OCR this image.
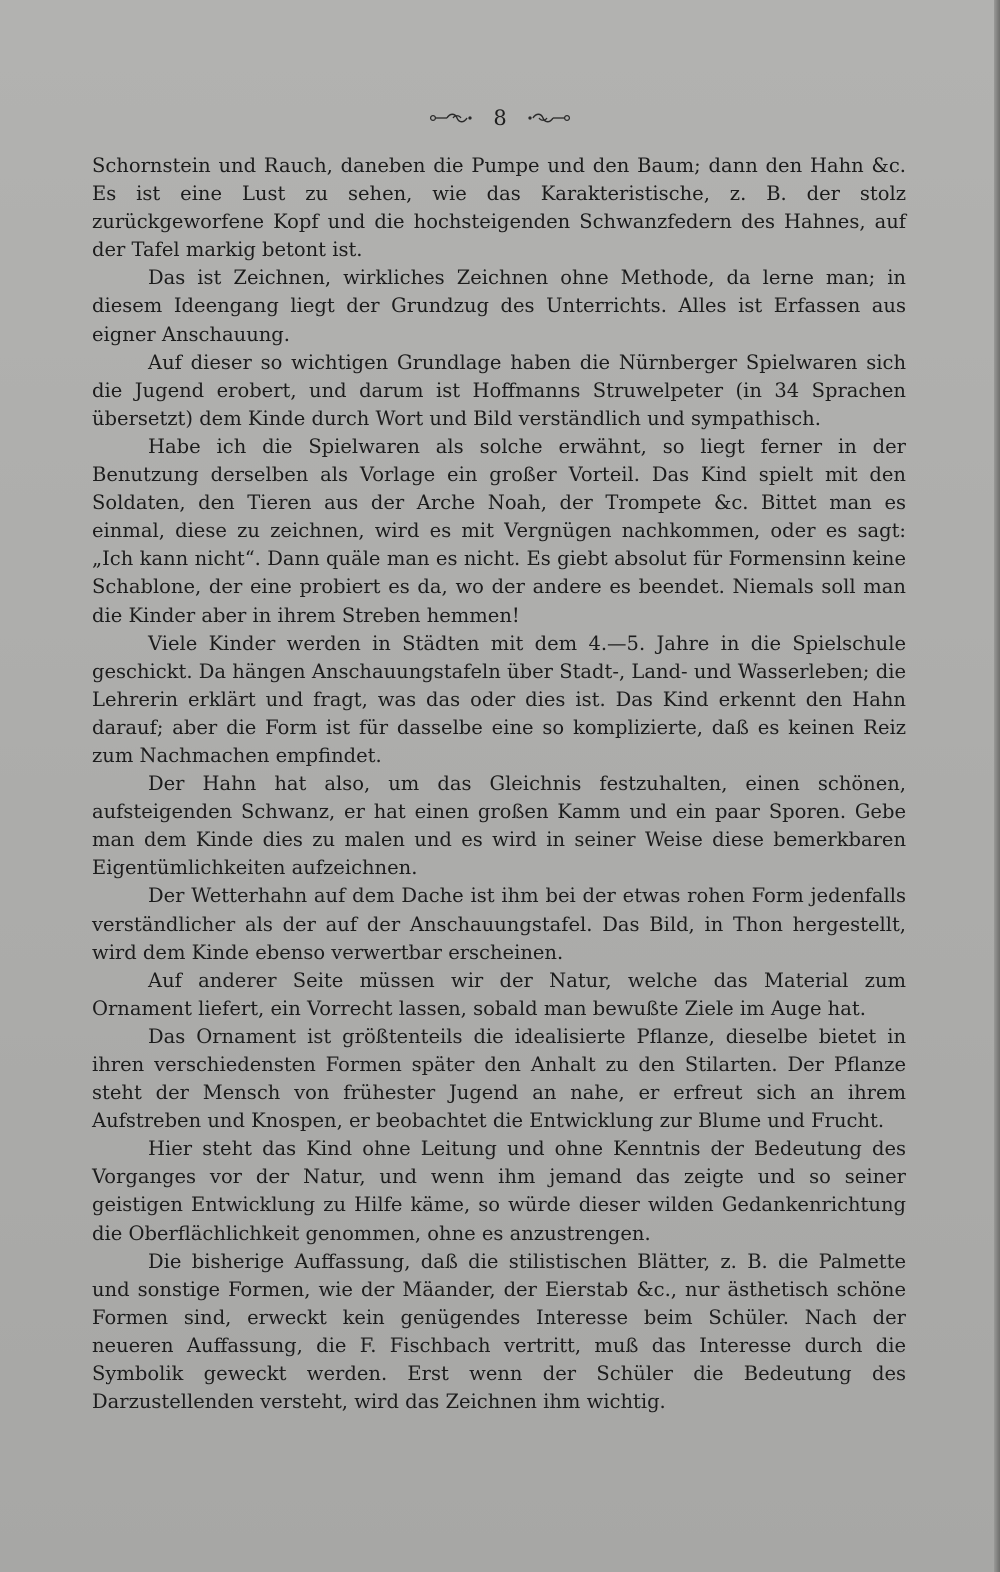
8

Schornstein und Rauch, daneben die Pumpe und den Baum; dann den Hahn &c. Es ist eine Lust zu sehen, wie das Karakteristische, z. B. der stolz zurückgeworfene Kopf und die hochsteigenden Schwanzfedern des Hahnes, auf der Tafel markig betont ist.

Das ist Zeichnen, wirkliches Zeichnen ohne Methode, da lerne man; in diesem Ideengang liegt der Grundzug des Unterrichts. Alles ist Erfassen aus eigner Anschauung.

Auf dieser so wichtigen Grundlage haben die Nürnberger Spielwaren sich die Jugend erobert, und darum ist Hoffmanns Struwelpeter (in 34 Sprachen übersetzt) dem Kinde durch Wort und Bild verständlich und sympathisch.

Habe ich die Spielwaren als solche erwähnt, so liegt ferner in der Benutzung derselben als Vorlage ein großer Vorteil. Das Kind spielt mit den Soldaten, den Tieren aus der Arche Noah, der Trompete &c. Bittet man es einmal, diese zu zeichnen, wird es mit Vergnügen nachkommen, oder es sagt: „Ich kann nicht“. Dann quäle man es nicht. Es giebt absolut für Formensinn keine Schablone, der eine probiert es da, wo der andere es beendet. Niemals soll man die Kinder aber in ihrem Streben hemmen!

Viele Kinder werden in Städten mit dem 4.—5. Jahre in die Spielschule geschickt. Da hängen Anschauungstafeln über Stadt-, Land- und Wasserleben; die Lehrerin erklärt und fragt, was das oder dies ist. Das Kind erkennt den Hahn darauf; aber die Form ist für dasselbe eine so komplizierte, daß es keinen Reiz zum Nachmachen empfindet.

Der Hahn hat also, um das Gleichnis festzuhalten, einen schönen, aufsteigenden Schwanz, er hat einen großen Kamm und ein paar Sporen. Gebe man dem Kinde dies zu malen und es wird in seiner Weise diese bemerkbaren Eigentümlichkeiten aufzeichnen.

Der Wetterhahn auf dem Dache ist ihm bei der etwas rohen Form jedenfalls verständlicher als der auf der Anschauungstafel. Das Bild, in Thon hergestellt, wird dem Kinde ebenso verwertbar erscheinen.

Auf anderer Seite müssen wir der Natur, welche das Material zum Ornament liefert, ein Vorrecht lassen, sobald man bewußte Ziele im Auge hat.

Das Ornament ist größtenteils die idealisierte Pflanze, dieselbe bietet in ihren verschiedensten Formen später den Anhalt zu den Stilarten. Der Pflanze steht der Mensch von frühester Jugend an nahe, er erfreut sich an ihrem Aufstreben und Knospen, er beobachtet die Entwicklung zur Blume und Frucht.

Hier steht das Kind ohne Leitung und ohne Kenntnis der Bedeutung des Vorganges vor der Natur, und wenn ihm jemand das zeigte und so seiner geistigen Entwicklung zu Hilfe käme, so würde dieser wilden Gedankenrichtung die Oberflächlichkeit genommen, ohne es anzustrengen.

Die bisherige Auffassung, daß die stilistischen Blätter, z. B. die Palmette und sonstige Formen, wie der Mäander, der Eierstab &c., nur ästhetisch schöne Formen sind, erweckt kein genügendes Interesse beim Schüler. Nach der neueren Auffassung, die F. Fischbach vertritt, muß das Interesse durch die Symbolik geweckt werden. Erst wenn der Schüler die Bedeutung des Darzustellenden versteht, wird das Zeichnen ihm wichtig.
